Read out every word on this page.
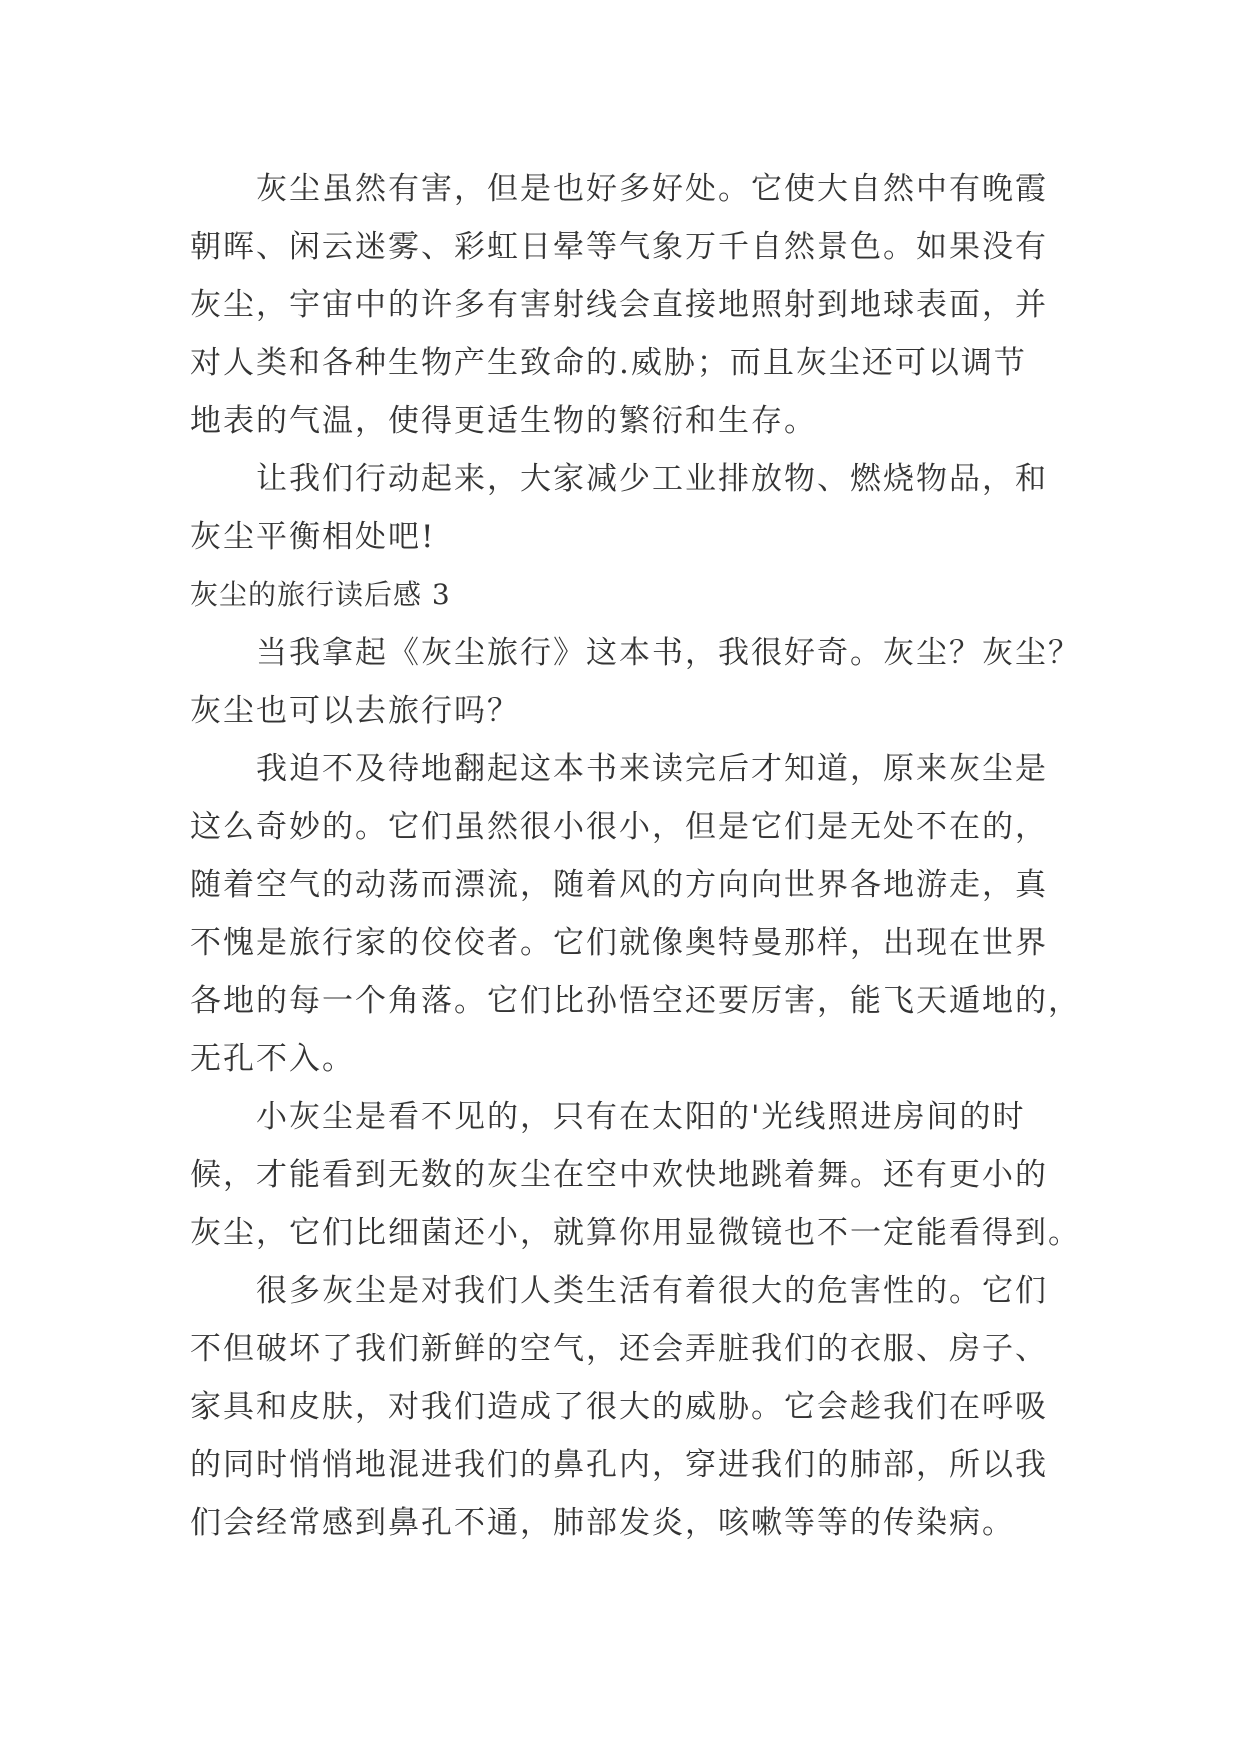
灰尘虽然有害，但是也好多好处。它使大自然中有晚霞
朝晖、闲云迷雾、彩虹日晕等气象万千自然景色。如果没有
灰尘，宇宙中的许多有害射线会直接地照射到地球表面，并
对人类和各种生物产生致命的.威胁；而且灰尘还可以调节
地表的气温，使得更适生物的繁衍和生存。
让我们行动起来，大家减少工业排放物、燃烧物品，和
灰尘平衡相处吧!
灰尘的旅行读后感 3
当我拿起《灰尘旅行》这本书，我很好奇。灰尘？灰尘？
灰尘也可以去旅行吗？
我迫不及待地翻起这本书来读完后才知道，原来灰尘是
这么奇妙的。它们虽然很小很小，但是它们是无处不在的，
随着空气的动荡而漂流，随着风的方向向世界各地游走，真
不愧是旅行家的佼佼者。它们就像奥特曼那样，出现在世界
各地的每一个角落。它们比孙悟空还要厉害，能飞天遁地的，
无孔不入。
小灰尘是看不见的，只有在太阳的'光线照进房间的时
候，才能看到无数的灰尘在空中欢快地跳着舞。还有更小的
灰尘，它们比细菌还小，就算你用显微镜也不一定能看得到。
很多灰尘是对我们人类生活有着很大的危害性的。它们
不但破坏了我们新鲜的空气，还会弄脏我们的衣服、房子、
家具和皮肤，对我们造成了很大的威胁。它会趁我们在呼吸
的同时悄悄地混进我们的鼻孔内，穿进我们的肺部，所以我
们会经常感到鼻孔不通，肺部发炎，咳嗽等等的传染病。
